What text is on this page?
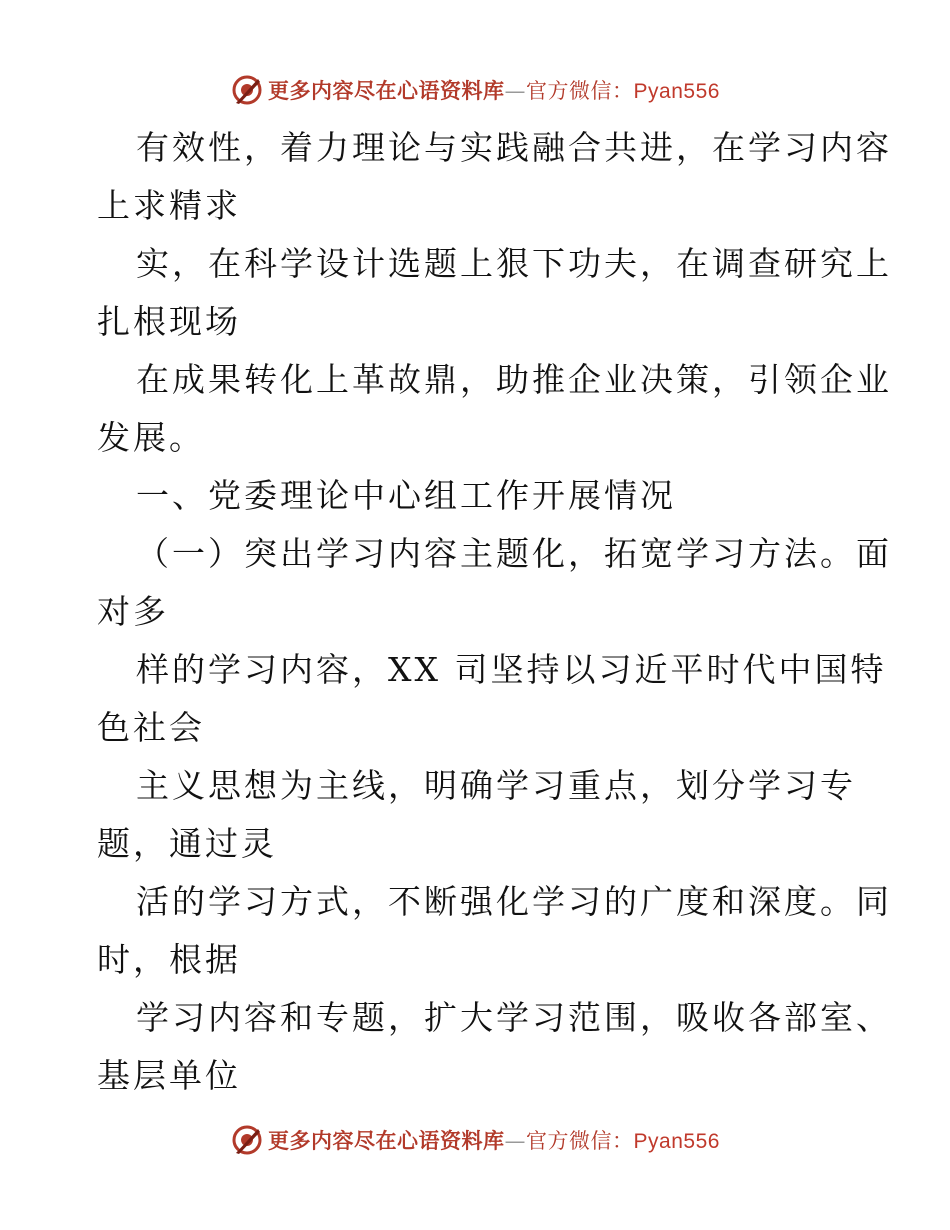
更多内容尽在心语资料库—官方微信：Pyan556
有效性，着力理论与实践融合共进，在学习内容
上求精求
实，在科学设计选题上狠下功夫，在调查研究上
扎根现场
在成果转化上革故鼎，助推企业决策，引领企业
发展。
一、党委理论中心组工作开展情况
（一）突出学习内容主题化，拓宽学习方法。面
对多
样的学习内容，XX 司坚持以习近平时代中国特
色社会
主义思想为主线，明确学习重点，划分学习专
题，通过灵
活的学习方式，不断强化学习的广度和深度。同
时，根据
学习内容和专题，扩大学习范围，吸收各部室、
基层单位
更多内容尽在心语资料库—官方微信：Pyan556
